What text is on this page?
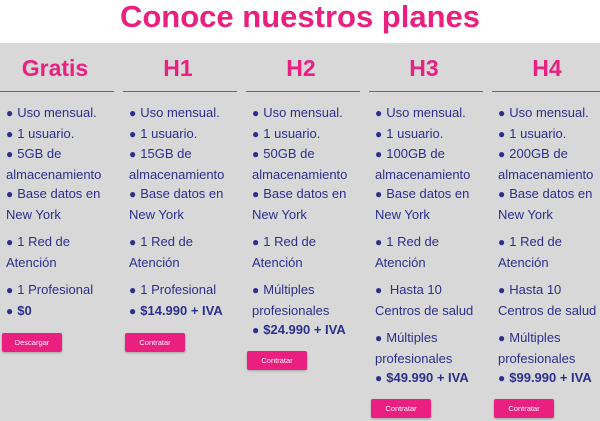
Conoce nuestros planes
Gratis
● Uso mensual.
● 1 usuario.
● 5GB de
almacenamiento
● Base datos en
New York
● 1 Red de
Atención
● 1 Profesional
● $0
Descargar
H1
● Uso mensual.
● 1 usuario.
● 15GB de
almacenamiento
● Base datos en
New York
● 1 Red de
Atención
● 1 Profesional
● $14.990 + IVA
Contratar
H2
● Uso mensual.
● 1 usuario.
● 50GB de
almacenamiento
● Base datos en
New York
● 1 Red de
Atención
● Múltiples
profesionales
● $24.990 + IVA
Contratar
H3
● Uso mensual.
● 1 usuario.
● 100GB de
almacenamiento
● Base datos en
New York
● 1 Red de
Atención
● Hasta 10
Centros de salud
● Múltiples
profesionales
● $49.990 + IVA
Contratar
H4
● Uso mensual.
● 1 usuario.
● 200GB de
almacenamiento
● Base datos en
New York
● 1 Red de
Atención
● Hasta 10
Centros de salud
● Múltiples
profesionales
● $99.990 + IVA
Contratar
